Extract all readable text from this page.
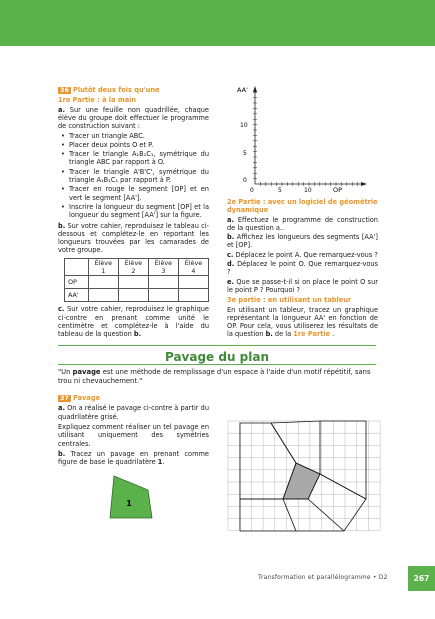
36 Plutôt deux fois qu'une
1re Partie : à la main

a. Sur une feuille non quadrillée, chaque élève du groupe doit effectuer le programme de construction suivant :

• Tracer un triangle ABC.
• Placer deux points O et P.
• Tracer le triangle A₁B₁C₁, symétrique du triangle ABC par rapport à O.
• Tracer le triangle A'B'C', symétrique du triangle A₁B₁C₁ par rapport à P.
• Tracer en rouge le segment [OP] et en vert le segment [AA'].
• Inscrire la longueur du segment [OP] et la longueur du segment [AA'] sur la figure.

b. Sur votre cahier, reproduisez le tableau ci-dessous et complétez-le en reportant les longueurs trouvées par les camarades de votre groupe.

	Élève 1	Élève 2	Élève 3	Élève 4
OP				
AA'				

c. Sur votre cahier, reproduisez le graphique ci-contre en prenant comme unité le centimètre et complétez-le à l'aide du tableau de la question b.

AA'
OP
10
5
0
0	5	10
2e Partie : avec un logiciel de géométrie dynamique

a. Effectuez le programme de construction de la question a..

b. Affichez les longueurs des segments [AA'] et [OP].

c. Déplacez le point A. Que remarquez-vous ?

d. Déplacez le point O. Que remarquez-vous ?

e. Que se passe-t-il si on place le point O sur le point P ? Pourquoi ?

3e partie : en utilisant un tableur

En utilisant un tableur, tracez un graphique représentant la longueur AA' en fonction de OP. Pour cela, vous utiliserez les résultats de la question b. de la 1re Partie .

Pavage du plan
"Un pavage est une méthode de remplissage d'un espace à l'aide d'un motif répétitif, sans trou ni chevauchement."
37 Pavage

a. On a réalisé le pavage ci-contre à partir du quadrilatère grisé.

Expliquez comment réaliser un tel pavage en utilisant uniquement des symétries centrales.

b. Tracez un pavage en prenant comme figure de base le quadrilatère 1.

1
Transformation et parallélogramme • D2	267
